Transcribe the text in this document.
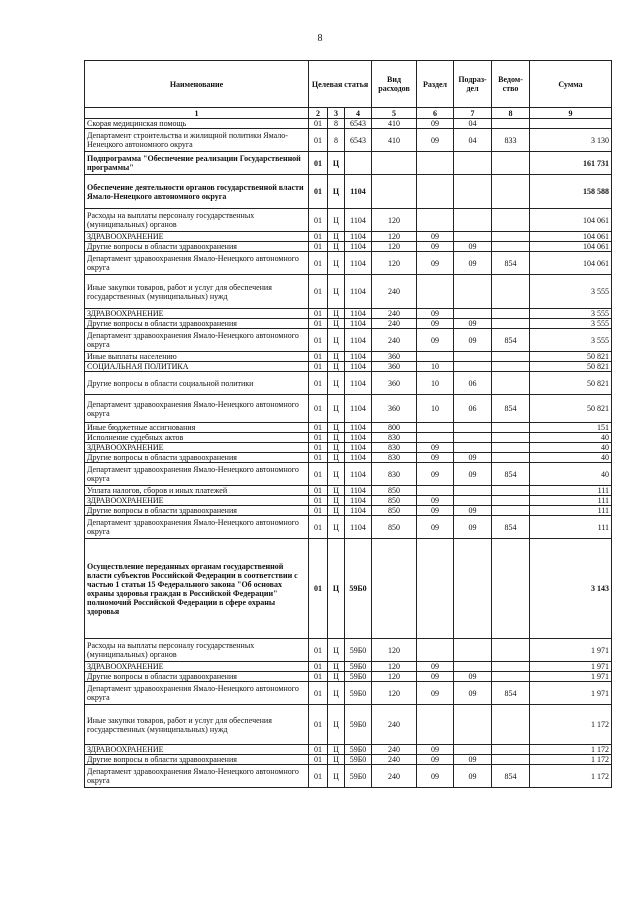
8
Наименование	Целевая статья			Вид расходов	Раздел	Подраз-дел	Ведом-ство	Сумма
1	2	3	4	5	6	7	8	9
Скорая медицинская помощь	01	8	6543	410	09	04		
Департамент строительства и жилищной политики Ямало-Ненецкого автономного округа	01	8	6543	410	09	04	833	3 130
Подпрограмма "Обеспечение реализации Государственной программы"	01	Ц						161 731
Обеспечение деятельности органов государственной власти Ямало-Ненецкого автономного округа	01	Ц	1104					158 588
Расходы на выплаты персоналу государственных (муниципальных) органов	01	Ц	1104	120				104 061
ЗДРАВООХРАНЕНИЕ	01	Ц	1104	120	09			104 061
Другие вопросы в области здравоохранения	01	Ц	1104	120	09	09		104 061
Департамент здравоохранения Ямало-Ненецкого автономного округа	01	Ц	1104	120	09	09	854	104 061
Иные закупки товаров, работ и услуг для обеспечения государственных (муниципальных) нужд	01	Ц	1104	240				3 555
ЗДРАВООХРАНЕНИЕ	01	Ц	1104	240	09			3 555
Другие вопросы в области здравоохранения	01	Ц	1104	240	09	09		3 555
Департамент здравоохранения Ямало-Ненецкого автономного округа	01	Ц	1104	240	09	09	854	3 555
Иные выплаты населению	01	Ц	1104	360				50 821
СОЦИАЛЬНАЯ ПОЛИТИКА	01	Ц	1104	360	10			50 821
Другие вопросы в области социальной политики	01	Ц	1104	360	10	06		50 821
Департамент здравоохранения Ямало-Ненецкого автономного округа	01	Ц	1104	360	10	06	854	50 821
Иные бюджетные ассигнования	01	Ц	1104	800				151
Исполнение судебных актов	01	Ц	1104	830				40
ЗДРАВООХРАНЕНИЕ	01	Ц	1104	830	09			40
Другие вопросы в области здравоохранения	01	Ц	1104	830	09	09		40
Департамент здравоохранения Ямало-Ненецкого автономного округа	01	Ц	1104	830	09	09	854	40
Уплата налогов, сборов и иных платежей	01	Ц	1104	850				111
ЗДРАВООХРАНЕНИЕ	01	Ц	1104	850	09			111
Другие вопросы в области здравоохранения	01	Ц	1104	850	09	09		111
Департамент здравоохранения Ямало-Ненецкого автономного округа	01	Ц	1104	850	09	09	854	111
Осуществление переданных органам государственной власти субъектов Российской Федерации в соответствии с частью 1 статьи 15 Федерального закона "Об основах охраны здоровья граждан в Российской Федерации" полномочий Российской Федерации в сфере охраны здоровья	01	Ц	59Б0					3 143
Расходы на выплаты персоналу государственных (муниципальных) органов	01	Ц	59Б0	120				1 971
ЗДРАВООХРАНЕНИЕ	01	Ц	59Б0	120	09			1 971
Другие вопросы в области здравоохранения	01	Ц	59Б0	120	09	09		1 971
Департамент здравоохранения Ямало-Ненецкого автономного округа	01	Ц	59Б0	120	09	09	854	1 971
Иные закупки товаров, работ и услуг для обеспечения государственных (муниципальных) нужд	01	Ц	59Б0	240				1 172
ЗДРАВООХРАНЕНИЕ	01	Ц	59Б0	240	09			1 172
Другие вопросы в области здравоохранения	01	Ц	59Б0	240	09	09		1 172
Департамент здравоохранения Ямало-Ненецкого автономного округа	01	Ц	59Б0	240	09	09	854	1 172
